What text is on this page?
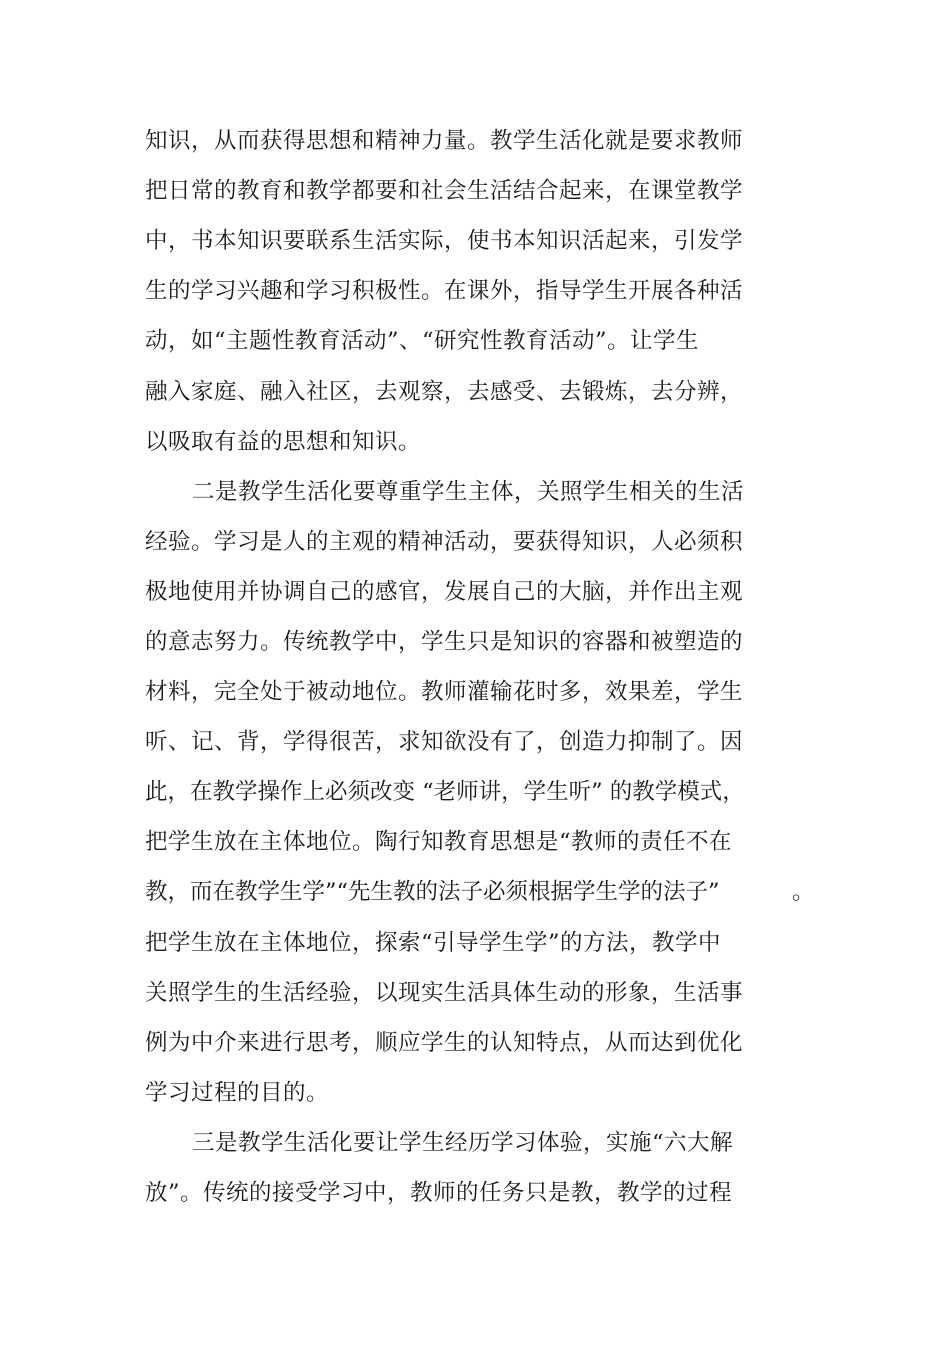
知识，从而获得思想和精神力量。教学生活化就是要求教师
把日常的教育和教学都要和社会生活结合起来，在课堂教学
中，书本知识要联系生活实际，使书本知识活起来，引发学
生的学习兴趣和学习积极性。在课外，指导学生开展各种活
动，如“主题性教育活动”、“研究性教育活动”。让学生
融入家庭、融入社区，去观察，去感受、去锻炼，去分辨，
以吸取有益的思想和知识。
二是教学生活化要尊重学生主体，关照学生相关的生活
经验。学习是人的主观的精神活动，要获得知识，人必须积
极地使用并协调自己的感官，发展自己的大脑，并作出主观
的意志努力。传统教学中，学生只是知识的容器和被塑造的
材料，完全处于被动地位。教师灌输花时多，效果差，学生
听、记、背，学得很苦，求知欲没有了，创造力抑制了。因
此，在教学操作上必须改变 “老师讲，学生听” 的教学模式，
把学生放在主体地位。陶行知教育思想是“教师的责任不在
教，而在教学生学”“先生教的法子必须根据学生学的法子”	。
把学生放在主体地位，探索“引导学生学”的方法，教学中
关照学生的生活经验，以现实生活具体生动的形象，生活事
例为中介来进行思考，顺应学生的认知特点，从而达到优化
学习过程的目的。
三是教学生活化要让学生经历学习体验，实施“六大解
放”。传统的接受学习中，教师的任务只是教，教学的过程
